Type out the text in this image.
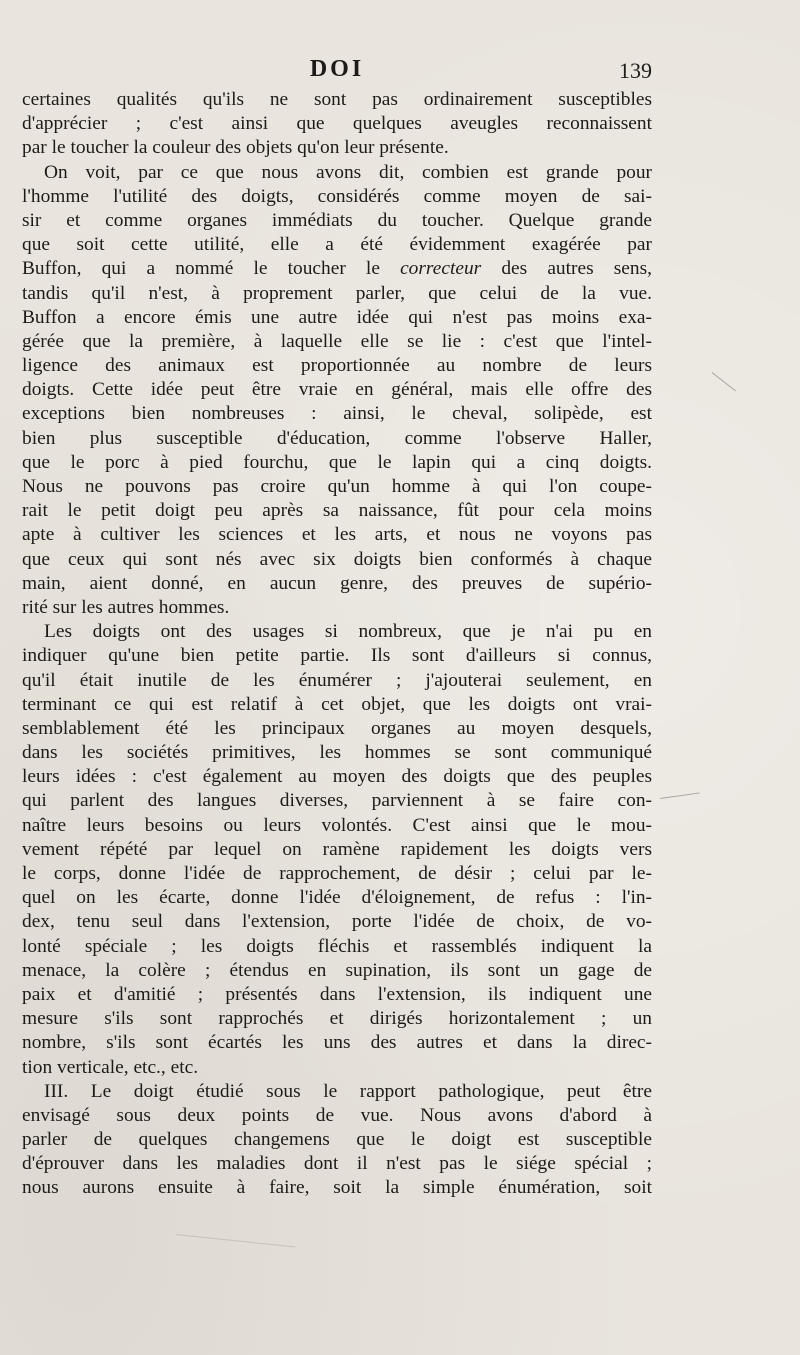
DOI	139
certaines qualités qu'ils ne sont pas ordinairement susceptibles
d'apprécier ; c'est ainsi que quelques aveugles reconnaissent
par le toucher la couleur des objets qu'on leur présente.
On voit, par ce que nous avons dit, combien est grande pour
l'homme l'utilité des doigts, considérés comme moyen de sai-
sir et comme organes immédiats du toucher. Quelque grande
que soit cette utilité, elle a été évidemment exagérée par
Buffon, qui a nommé le toucher le correcteur des autres sens,
tandis qu'il n'est, à proprement parler, que celui de la vue.
Buffon a encore émis une autre idée qui n'est pas moins exa-
gérée que la première, à laquelle elle se lie : c'est que l'intel-
ligence des animaux est proportionnée au nombre de leurs
doigts. Cette idée peut être vraie en général, mais elle offre des
exceptions bien nombreuses : ainsi, le cheval, solipède, est
bien plus susceptible d'éducation, comme l'observe Haller,
que le porc à pied fourchu, que le lapin qui a cinq doigts.
Nous ne pouvons pas croire qu'un homme à qui l'on coupe-
rait le petit doigt peu après sa naissance, fût pour cela moins
apte à cultiver les sciences et les arts, et nous ne voyons pas
que ceux qui sont nés avec six doigts bien conformés à chaque
main, aient donné, en aucun genre, des preuves de supério-
rité sur les autres hommes.
Les doigts ont des usages si nombreux, que je n'ai pu en
indiquer qu'une bien petite partie. Ils sont d'ailleurs si connus,
qu'il était inutile de les énumérer ; j'ajouterai seulement, en
terminant ce qui est relatif à cet objet, que les doigts ont vrai-
semblablement été les principaux organes au moyen desquels,
dans les sociétés primitives, les hommes se sont communiqué
leurs idées : c'est également au moyen des doigts que des peuples
qui parlent des langues diverses, parviennent à se faire con-
naître leurs besoins ou leurs volontés. C'est ainsi que le mou-
vement répété par lequel on ramène rapidement les doigts vers
le corps, donne l'idée de rapprochement, de désir ; celui par le-
quel on les écarte, donne l'idée d'éloignement, de refus : l'in-
dex, tenu seul dans l'extension, porte l'idée de choix, de vo-
lonté spéciale ; les doigts fléchis et rassemblés indiquent la
menace, la colère ; étendus en supination, ils sont un gage de
paix et d'amitié ; présentés dans l'extension, ils indiquent une
mesure s'ils sont rapprochés et dirigés horizontalement ; un
nombre, s'ils sont écartés les uns des autres et dans la direc-
tion verticale, etc., etc.
III. Le doigt étudié sous le rapport pathologique, peut être
envisagé sous deux points de vue. Nous avons d'abord à
parler de quelques changemens que le doigt est susceptible
d'éprouver dans les maladies dont il n'est pas le siége spécial ;
nous aurons ensuite à faire, soit la simple énumération, soit
